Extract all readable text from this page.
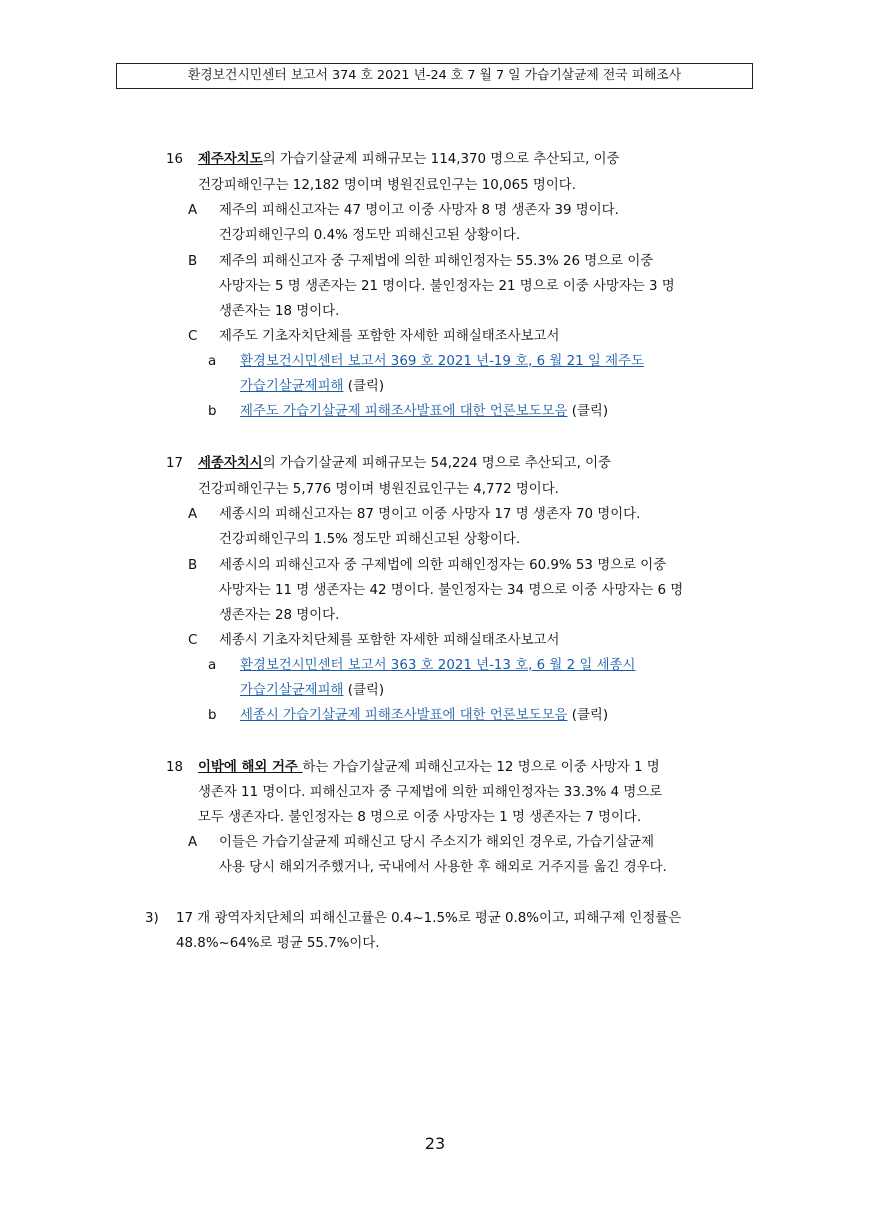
환경보건시민센터 보고서 374 호 2021 년-24 호 7 월 7 일 가습기살균제 전국 피해조사
16 제주자치도의 가습기살균제 피해규모는 114,370 명으로 추산되고, 이중
건강피해인구는 12,182 명이며 병원진료인구는 10,065 명이다.
A 제주의 피해신고자는 47 명이고 이중 사망자 8 명 생존자 39 명이다.
건강피해인구의 0.4% 정도만 피해신고된 상황이다.
B 제주의 피해신고자 중 구제법에 의한 피해인정자는 55.3% 26 명으로 이중
사망자는 5 명 생존자는 21 명이다. 불인정자는 21 명으로 이중 사망자는 3 명
생존자는 18 명이다.
C 제주도 기초자치단체를 포함한 자세한 피해실태조사보고서
a 환경보건시민센터 보고서 369 호 2021 년-19 호, 6 월 21 일 제주도
가습기살균제피해 (클릭)
b 제주도 가습기살균제 피해조사발표에 대한 언론보도모음 (클릭)
17 세종자치시의 가습기살균제 피해규모는 54,224 명으로 추산되고, 이중
건강피해인구는 5,776 명이며 병원진료인구는 4,772 명이다.
A 세종시의 피해신고자는 87 명이고 이중 사망자 17 명 생존자 70 명이다.
건강피해인구의 1.5% 정도만 피해신고된 상황이다.
B 세종시의 피해신고자 중 구제법에 의한 피해인정자는 60.9% 53 명으로 이중
사망자는 11 명 생존자는 42 명이다. 불인정자는 34 명으로 이중 사망자는 6 명
생존자는 28 명이다.
C 세종시 기초자치단체를 포함한 자세한 피해실태조사보고서
a 환경보건시민센터 보고서 363 호 2021 년-13 호, 6 월 2 일 세종시
가습기살균제피해 (클릭)
b 세종시 가습기살균제 피해조사발표에 대한 언론보도모음 (클릭)
18 이밖에 해외 거주 하는 가습기살균제 피해신고자는 12 명으로 이중 사망자 1 명
생존자 11 명이다. 피해신고자 중 구제법에 의한 피해인정자는 33.3% 4 명으로
모두 생존자다. 불인정자는 8 명으로 이중 사망자는 1 명 생존자는 7 명이다.
A 이들은 가습기살균제 피해신고 당시 주소지가 해외인 경우로, 가습기살균제
사용 당시 해외거주했거나, 국내에서 사용한 후 해외로 거주지를 옮긴 경우다.
3) 17 개 광역자치단체의 피해신고률은 0.4~1.5%로 평균 0.8%이고, 피해구제 인정률은
48.8%~64%로 평균 55.7%이다.
23
